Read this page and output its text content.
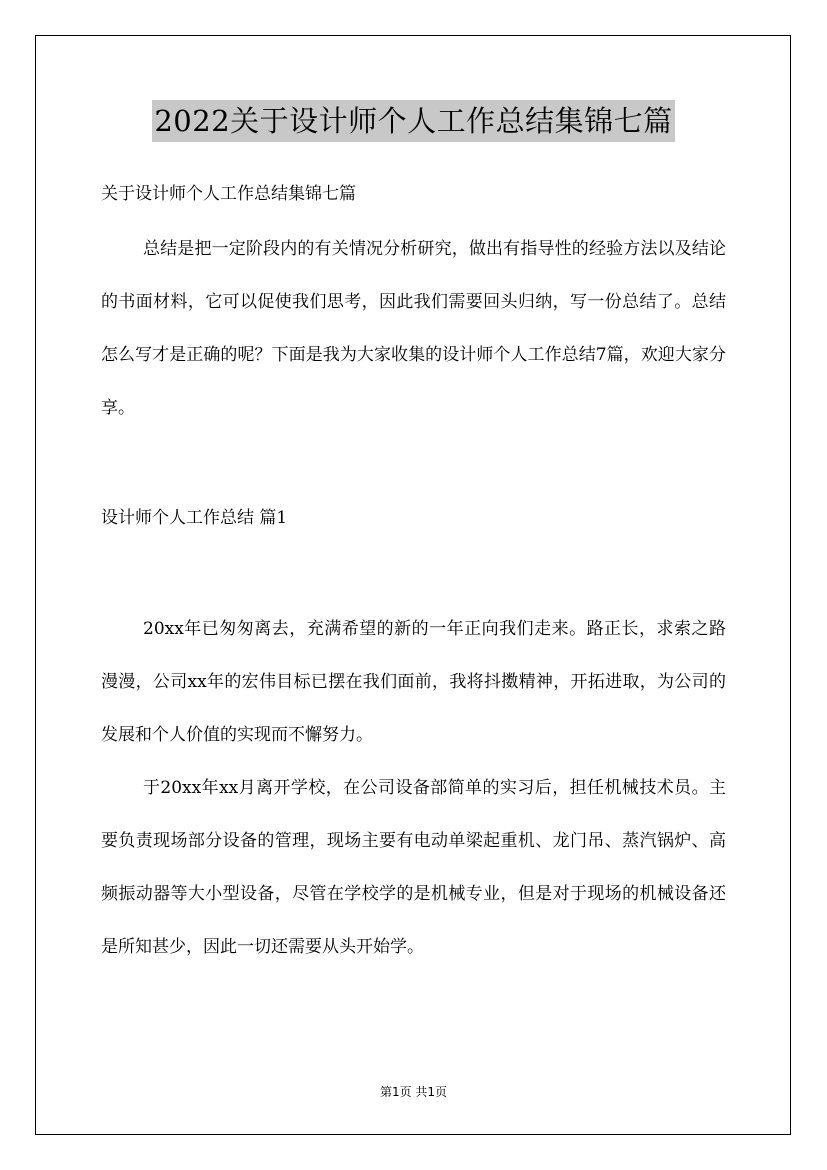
2022关于设计师个人工作总结集锦七篇

关于设计师个人工作总结集锦七篇

总结是把一定阶段内的有关情况分析研究，做出有指导性的经验方法以及结论的书面材料，它可以促使我们思考，因此我们需要回头归纳，写一份总结了。总结怎么写才是正确的呢？下面是我为大家收集的设计师个人工作总结7篇，欢迎大家分享。

设计师个人工作总结 篇1

20xx年已匆匆离去，充满希望的新的一年正向我们走来。路正长，求索之路漫漫，公司xx年的宏伟目标已摆在我们面前，我将抖擞精神，开拓进取，为公司的发展和个人价值的实现而不懈努力。

于20xx年xx月离开学校，在公司设备部简单的实习后，担任机械技术员。主要负责现场部分设备的管理，现场主要有电动单梁起重机、龙门吊、蒸汽锅炉、高频振动器等大小型设备，尽管在学校学的是机械专业，但是对于现场的机械设备还是所知甚少，因此一切还需要从头开始学。

第1页 共1页
